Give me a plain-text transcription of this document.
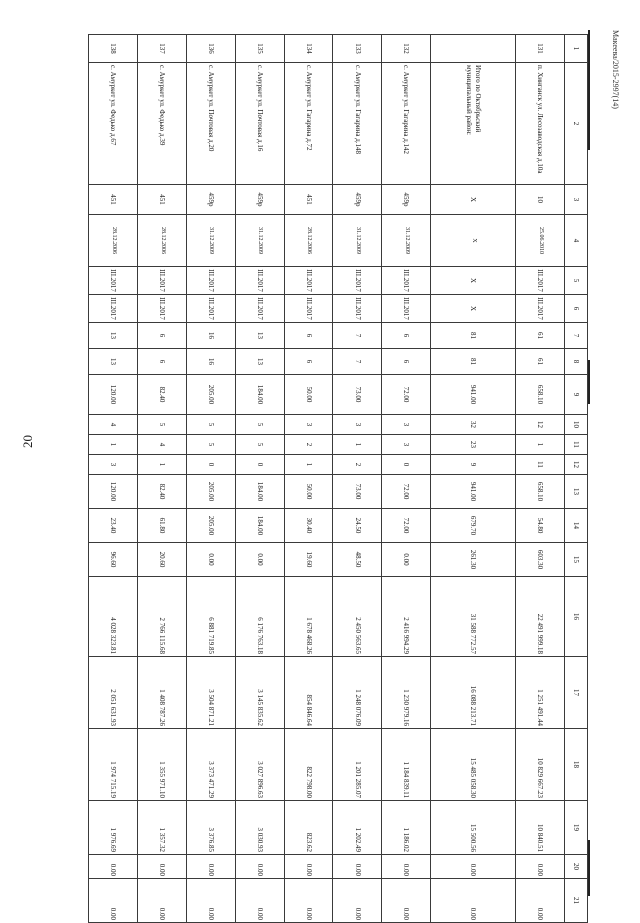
20
Макеева/2015-2997(14)
1	2	3	4	5	6	7	8	9	10	11	12	13	14	15	16	17	18	19	20	21
131	п. Хинганск ул. Лесозаводская д.10а	10	25.06.2010	III.2017	III.2017	61	61	658.10	12	1	11	658.10	54.80	603.30	22 491 999.18	1 251 491.44	10 829 667.23	10 840.51	0.00	0.00
	Итого по Октябрьский муниципальный район:	X	X	X	X	81	81	941.00	32	23	9	941.00	679.70	261.30	31 588 772.57	16 088 213.71	15 485 058.30	15 500.56	0.00	0.00
132	с. Амуркет ул. Гагарина д.142	459р	31.12.2009	III.2017	III.2017	6	6	72.00	3	3	0	72.00	72.00	0.00	2 416 994.29	1 230 979.16	1 184 839.11	1 186.02	0.00	0.00
133	с. Амуркет ул. Гагарина д.148	459р	31.12.2009	III.2017	III.2017	7	7	73.00	3	1	2	73.00	24.50	48.50	2 450 563.65	1 248 076.09	1 201 285.07	1 202.49	0.00	0.00
134	с. Амуркет ул. Гагарина д.72	451	28.12.2006	III.2017	III.2017	6	6	50.00	3	2	1	50.00	30.40	19.60	1 678 468.26	854 846.64	822 798.00	823.62	0.00	0.00
135	с. Амуркет ул. Почтовая д.16	459р	31.12.2009	III.2017	III.2017	13	13	184.00	5	5	0	184.00	184.00	0.00	6 176 763.18	3 145 835.62	3 027 896.63	3 030.93	0.00	0.00
136	с. Амуркет ул. Почтовая д.20	459р	31.12.2009	III.2017	III.2017	16	16	205.00	5	5	0	205.00	205.00	0.00	6 881 719.85	3 504 871.21	3 373 471.29	3 376.85	0.00	0.00
137	с. Амуркет ул. Федько д.39	451	28.12.2006	III.2017	III.2017	6	6	82.40	5	4	1	82.40	61.80	20.60	2 766 115.68	1 408 787.26	1 355 971.10	1 357.32	0.00	0.00
138	с. Амуркет ул. Федько д.67	451	28.12.2006	III.2017	III.2017	13	13	120.00	4	1	3	120.00	23.40	96.60	4 028 323.81	2 051 631.93	1 974 715.19	1 976.69	0.00	0.00
